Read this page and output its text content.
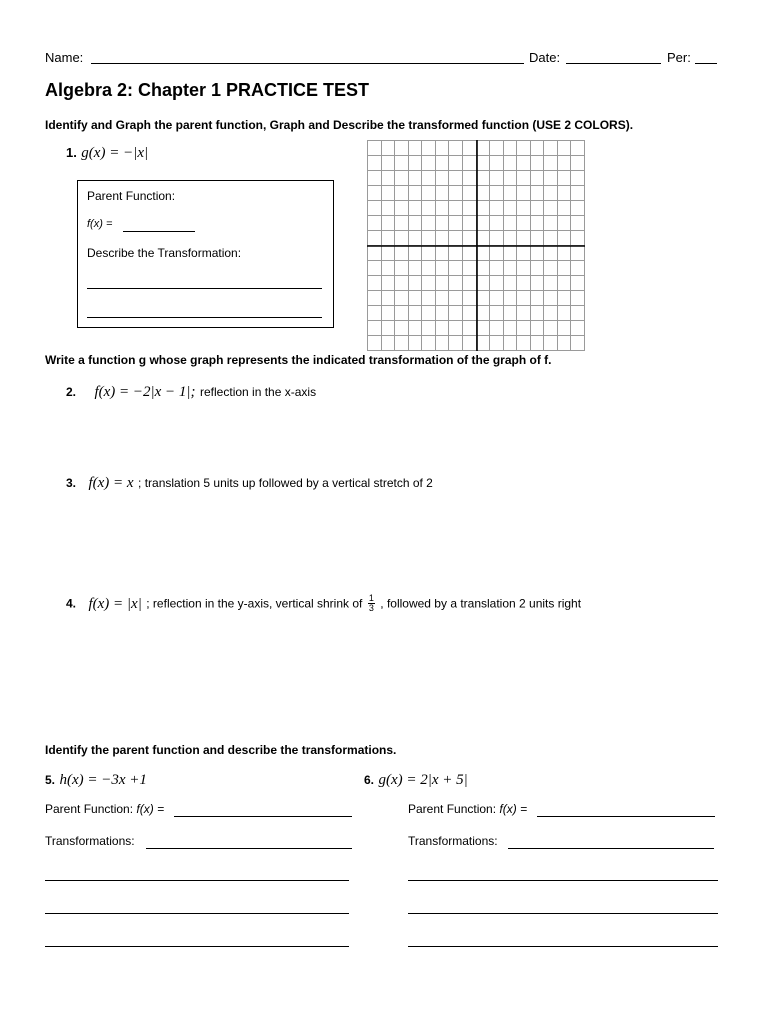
Name:	Date:	Per:
Algebra 2: Chapter 1 PRACTICE TEST
Identify and Graph the parent function, Graph and Describe the transformed function (USE 2 COLORS).
1. g(x) = −|x|
Parent Function:
f(x) =
Describe the Transformation:
Write a function g whose graph represents the indicated transformation of the graph of f.
2. f(x) = −2|x − 1|; reflection in the x-axis
3. f(x) = x ; translation 5 units up followed by a vertical stretch of 2
4. f(x) = |x| ; reflection in the y-axis, vertical shrink of $\frac{1}{3}$ , followed by a translation 2 units right
Identify the parent function and describe the transformations.
5. h(x) = −3x +1
Parent Function: f(x) =
Transformations:
6. g(x) = 2|x + 5|
Parent Function: f(x) =
Transformations:
